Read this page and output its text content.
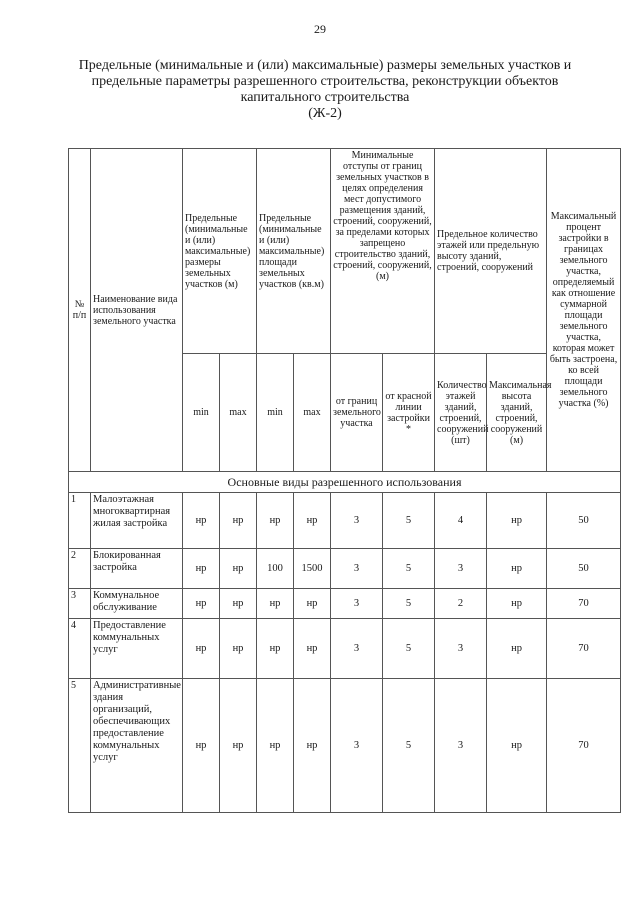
29
Предельные (минимальные и (или) максимальные) размеры земельных участков и
предельные параметры разрешенного строительства, реконструкции объектов
капитального строительства
(Ж-2)
№ п/п	Наименование вида использования земельного участка	Предельные (минимальные и (или) максимальные) размеры земельных участков (м)		Предельные (минимальные и (или) максимальные) площади земельных участков (кв.м)		Минимальные отступы от границ земельных участков в целях определения мест допустимого размещения зданий, строений, сооружений, за пределами которых запрещено строительство зданий, строений, сооружений, (м)		Предельное количество этажей или предельную высоту зданий, строений, сооружений		Максимальный процент застройки в границах земельного участка, определяемый как отношение суммарной площади земельного участка, которая может быть застроена, ко всей площади земельного участка (%)
		min	max	min	max	от границ земельного участка	от красной линии застройки *	Количество этажей зданий, строений, сооружений (шт)	Максимальная высота зданий, строений, сооружений (м)	
Основные виды разрешенного использования										
1	Малоэтажная многоквартирная жилая застройка	нр	нр	нр	нр	3	5	4	нр	50
2	Блокированная застройка	нр	нр	100	1500	3	5	3	нр	50
3	Коммунальное обслуживание	нр	нр	нр	нр	3	5	2	нр	70
4	Предоставление коммунальных услуг	нр	нр	нр	нр	3	5	3	нр	70
5	Административные здания организаций, обеспечивающих предоставление коммунальных услуг	нр	нр	нр	нр	3	5	3	нр	70
